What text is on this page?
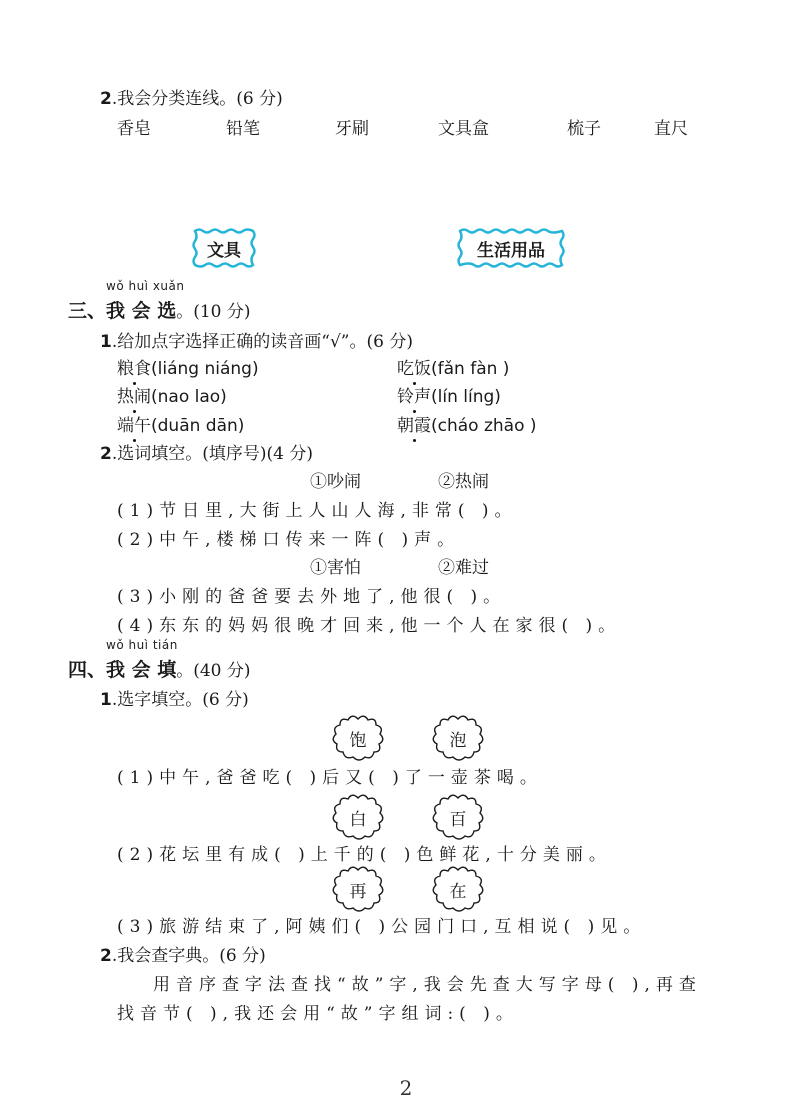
2.我会分类连线。(6 分)
香皂	铅笔	牙刷	文具盒	梳子	直尺
文具	生活用品
wǒ huì xuǎn
三、我 会 选。(10 分)
1.给加点字选择正确的读音画“√”。(6 分)
粮食(liáng niáng)	吃饭(fǎn fàn )
热闹(nao lao)	铃声(lín líng)
端午(duān dān)	朝霞(cháo zhāo )
2.选词填空。(填序号)(4 分)
①吵闹	②热闹
(1)节日里,大街上人山人海,非常( )。
(2)中午,楼梯口传来一阵( )声。
①害怕	②难过
(3)小刚的爸爸要去外地了,他很( )。
(4)东东的妈妈很晚才回来,他一个人在家很( )。
wǒ huì tián
四、我 会 填。(40 分)
1.选字填空。(6 分)
饱	泡
(1)中午,爸爸吃( )后又( )了一壶茶喝。
白	百
(2)花坛里有成( )上千的( )色鲜花,十分美丽。
再	在
(3)旅游结束了,阿姨们( )公园门口,互相说( )见。
2.我会查字典。(6 分)
用音序查字法查找“故”字,我会先查大写字母( ),再查
找音节( ),我还会用“故”字组词:( )。
2
